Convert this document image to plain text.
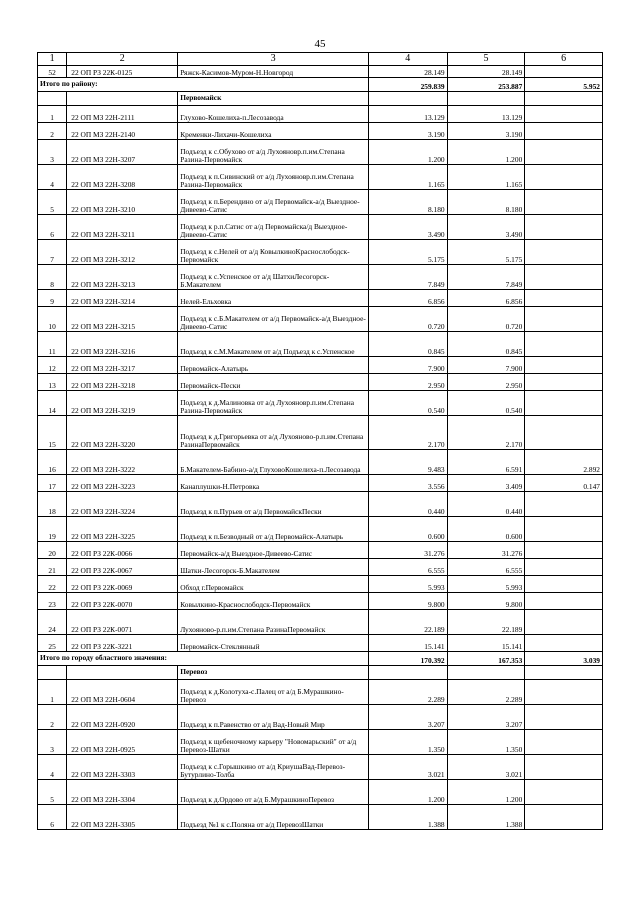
45
1	2	3	4	5	6
52	22 ОП РЗ 22К-0125	Ряжск-Касимов-Муром-Н.Новгород	28.149	28.149	
Итого по району:			259.839	253.887	5.952
		Первомайск			
1	22 ОП МЗ 22Н-2111	Глухово-Кошелиха-п.Лесозавода	13.129	13.129	
2	22 ОП МЗ 22Н-2140	Кременки-Лихачи-Кошелиха	3.190	3.190	
3	22 ОП МЗ 22Н-3207	Подъезд к с.Обухово от а/д Лухояновр.п.им.Степана Разина-Первомайск	1.200	1.200	
4	22 ОП МЗ 22Н-3208	Подъезд к п.Сивинский от а/д Лухояновр.п.им.Степана Разина-Первомайск	1.165	1.165	
5	22 ОП МЗ 22Н-3210	Подъезд к п.Берендино от а/д Первомайск-а/д Выездное-Дивеево-Сатис	8.180	8.180	
6	22 ОП МЗ 22Н-3211	Подъезд к р.п.Сатис от а/д Первомайска/д Выездное-Дивеево-Сатис	3.490	3.490	
7	22 ОП МЗ 22Н-3212	Подъезд к с.Нелей от а/д КовылкиноКраснослободск-Первомайск	5.175	5.175	
8	22 ОП МЗ 22Н-3213	Подъезд к с.Успенское от а/д ШатхиЛесогорск-Б.Макателем	7.849	7.849	
9	22 ОП МЗ 22Н-3214	Нелей-Ельховка	6.856	6.856	
10	22 ОП МЗ 22Н-3215	Подъезд к с.Б.Макателем от а/д Первомайск-а/д Выездное-Дивеево-Сатис	0.720	0.720	
11	22 ОП МЗ 22Н-3216	Подъезд к с.М.Макателем от а/д Подъезд к с.Успенское	0.845	0.845	
12	22 ОП МЗ 22Н-3217	Первомайск-Алатырь	7.900	7.900	
13	22 ОП МЗ 22Н-3218	Первомайск-Пески	2.950	2.950	
14	22 ОП МЗ 22Н-3219	Подъезд к д.Малиновка от а/д Лухояновр.п.им.Степана Разина-Первомайск	0.540	0.540	
15	22 ОП МЗ 22Н-3220	Подъезд к д.Григорьевка от а/д Лухояново-р.п.им.Степана РазинаПервомайск	2.170	2.170	
16	22 ОП МЗ 22Н-3222	Б.Макателем-Бабино-а/д ГлуховоКошелиха-п.Лесозавода	9.483	6.591	2.892
17	22 ОП МЗ 22Н-3223	Канаплушки-Н.Петровка	3.556	3.409	0.147
18	22 ОП МЗ 22Н-3224	Подъезд к п.Пурьев от а/д ПервомайскПески	0.440	0.440	
19	22 ОП МЗ 22Н-3225	Подъезд к п.Безводный от а/д Первомайск-Алатырь	0.600	0.600	
20	22 ОП РЗ 22К-0066	Первомайск-а/д Выездное-Дивеево-Сатис	31.276	31.276	
21	22 ОП РЗ 22К-0067	Шатки-Лесогорск-Б.Макателем	6.555	6.555	
22	22 ОП РЗ 22К-0069	Обход г.Первомайск	5.993	5.993	
23	22 ОП РЗ 22К-0070	Ковылкино-Краснослободск-Первомайск	9.800	9.800	
24	22 ОП РЗ 22К-0071	Лухояново-р.п.им.Степана РазинаПервомайск	22.189	22.189	
25	22 ОП РЗ 22К-3221	Первомайск-Стеклянный	15.141	15.141	
Итого по городу областного значения:			170.392	167.353	3.039
		Перевоз			
1	22 ОП МЗ 22Н-0604	Подъезд к д.Колотуха-с.Палец от а/д Б.Мурашкино-Перевоз	2.289	2.289	
2	22 ОП МЗ 22Н-0920	Подъезд к п.Равенство от а/д Вад-Новый Мир	3.207	3.207	
3	22 ОП МЗ 22Н-0925	Подъезд к щебеночному карьеру "Новомарьский" от а/д Перевоз-Шатки	1.350	1.350	
4	22 ОП МЗ 22Н-3303	Подъезд к с.Горышкино от а/д КриушаВад-Перевоз-Бутурлино-Толба	3.021	3.021	
5	22 ОП МЗ 22Н-3304	Подъезд к д.Ордово от а/д Б.МурашкиноПеревоз	1.200	1.200	
6	22 ОП МЗ 22Н-3305	Подъезд №1 к с.Поляна от а/д ПеревозШатки	1.388	1.388	
